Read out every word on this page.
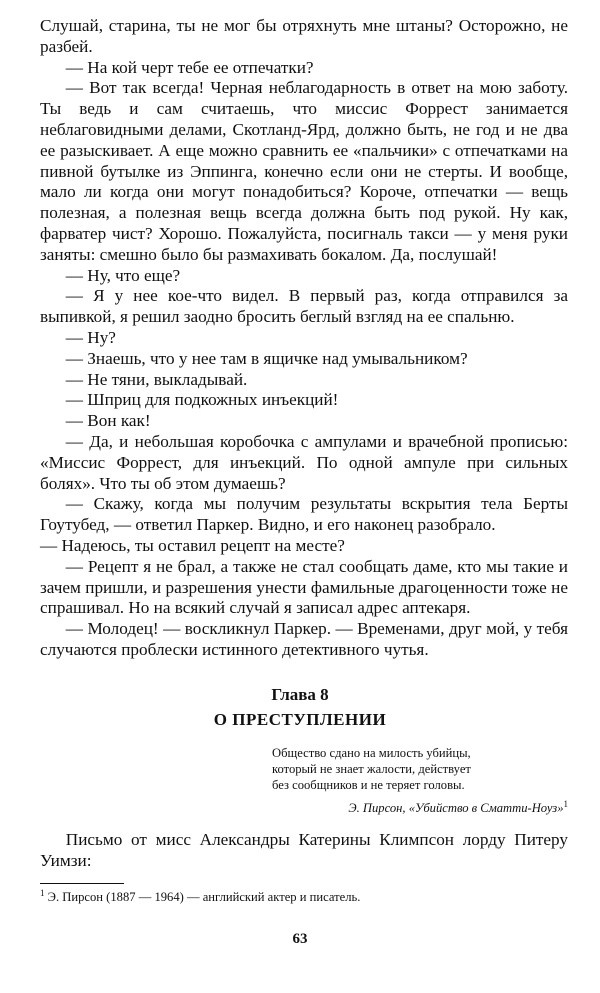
Слушай, старина, ты не мог бы отряхнуть мне штаны? Осторожно, не разбей.

— На кой черт тебе ее отпечатки?

— Вот так всегда! Черная неблагодарность в ответ на мою заботу. Ты ведь и сам считаешь, что миссис Форрест занимается неблаговидными делами, Скотланд-Ярд, должно быть, не год и не два ее разыскивает. А еще можно сравнить ее «пальчики» с отпечатками на пивной бутылке из Эппинга, конечно если они не стерты. И вообще, мало ли когда они могут понадобиться? Короче, отпечатки — вещь полезная, а полезная вещь всегда должна быть под рукой. Ну как, фарватер чист? Хорошо. Пожалуйста, посигналь такси — у меня руки заняты: смешно было бы размахивать бокалом. Да, послушай!

— Ну, что еще?

— Я у нее кое-что видел. В первый раз, когда отправился за выпивкой, я решил заодно бросить беглый взгляд на ее спальню.

— Ну?

— Знаешь, что у нее там в ящичке над умывальником?

— Не тяни, выкладывай.

— Шприц для подкожных инъекций!

— Вон как!

— Да, и небольшая коробочка с ампулами и врачебной прописью: «Миссис Форрест, для инъекций. По одной ампуле при сильных болях». Что ты об этом думаешь?

— Скажу, когда мы получим результаты вскрытия тела Берты Гоутубед, — ответил Паркер. Видно, и его наконец разобрало.

— Надеюсь, ты оставил рецепт на месте?

— Рецепт я не брал, а также не стал сообщать даме, кто мы такие и зачем пришли, и разрешения унести фамильные драгоценности тоже не спрашивал. Но на всякий случай я записал адрес аптекаря.

— Молодец! — воскликнул Паркер. — Временами, друг мой, у тебя случаются проблески истинного детективного чутья.

Глава 8
О ПРЕСТУПЛЕНИИ
Общество сдано на милость убийцы,
который не знает жалости, действует
без сообщников и не теряет головы.
Э. Пирсон, «Убийство в Сматти-Ноуз»$^1$
Письмо от мисс Александры Катерины Климпсон лорду Питеру Уимзи:
$^1$ Э. Пирсон (1887 — 1964) — английский актер и писатель.
63
